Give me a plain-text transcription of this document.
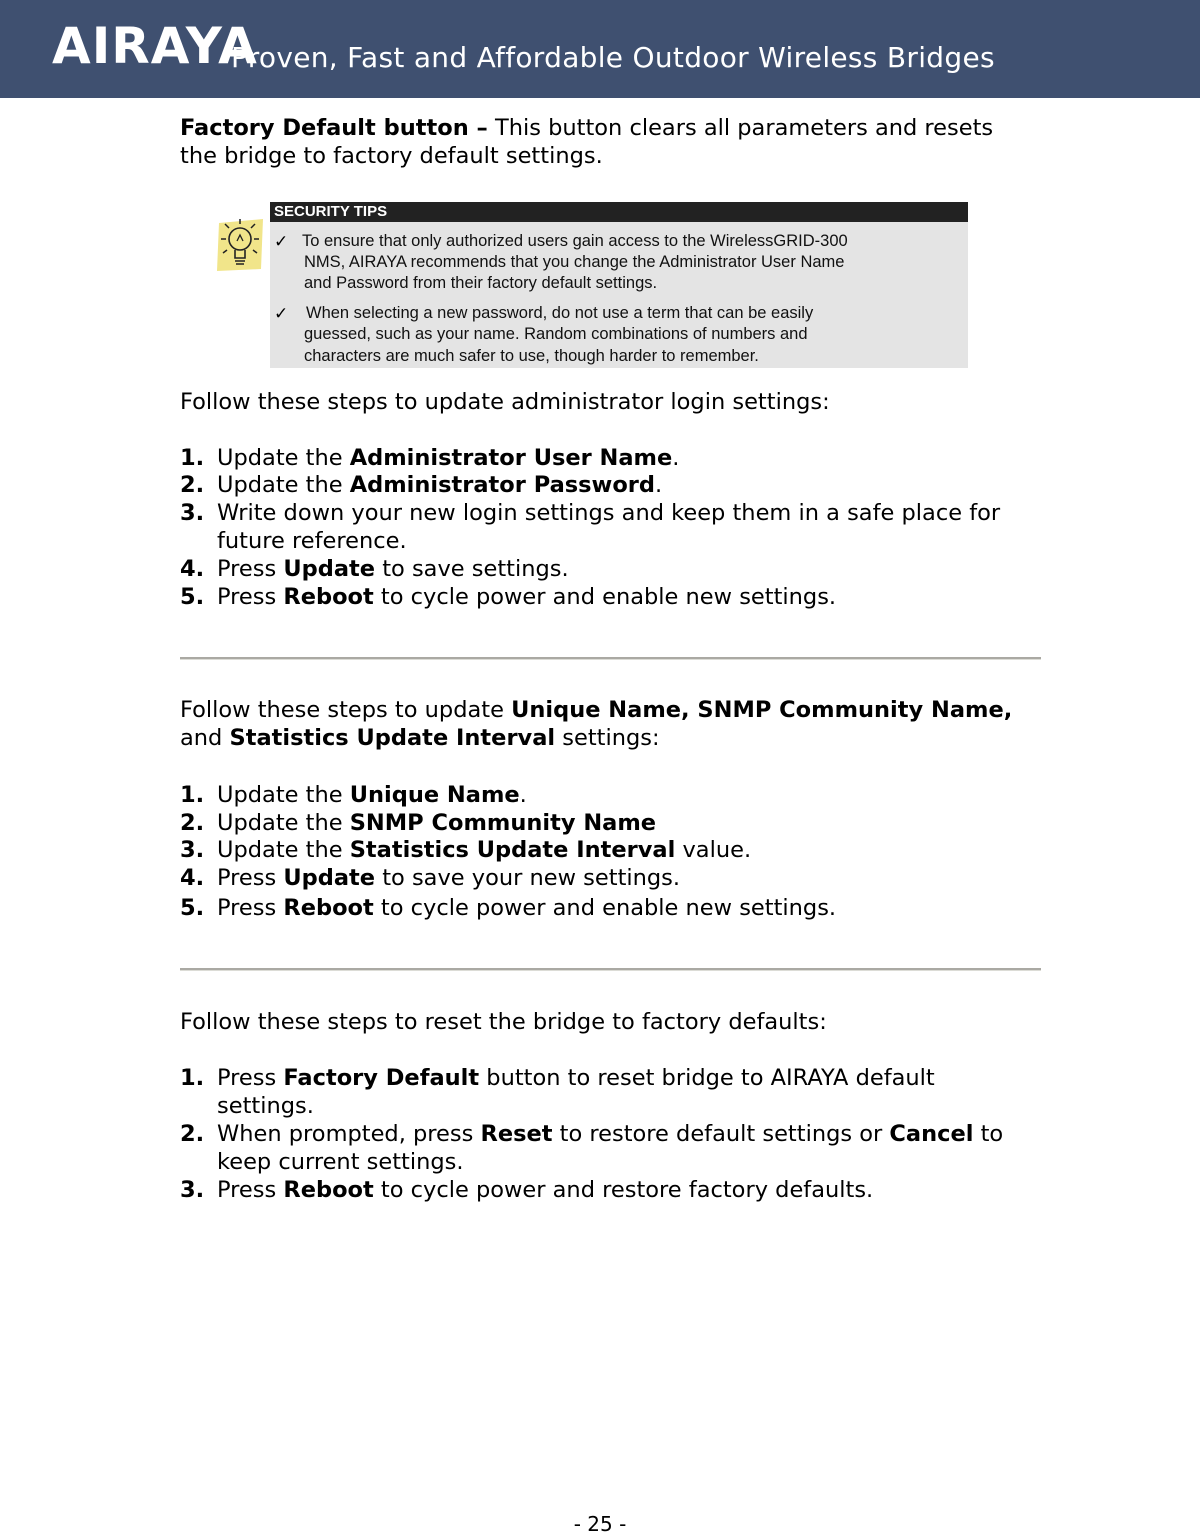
AIRAYA
Proven, Fast and Affordable Outdoor Wireless Bridges
Factory Default button – This button clears all parameters and resets
the bridge to factory default settings.
SECURITY TIPS
✓ To ensure that only authorized users gain access to the WirelessGRID-300
NMS, AIRAYA recommends that you change the Administrator User Name
and Password from their factory default settings.
✓ When selecting a new password, do not use a term that can be easily
guessed, such as your name. Random combinations of numbers and
characters are much safer to use, though harder to remember.
Follow these steps to update administrator login settings:
1. Update the Administrator User Name.
2. Update the Administrator Password.
3. Write down your new login settings and keep them in a safe place for
future reference.
4. Press Update to save settings.
5. Press Reboot to cycle power and enable new settings.
Follow these steps to update Unique Name, SNMP Community Name,
and Statistics Update Interval settings:
1. Update the Unique Name.
2. Update the SNMP Community Name
3. Update the Statistics Update Interval value.
4. Press Update to save your new settings.
5. Press Reboot to cycle power and enable new settings.
Follow these steps to reset the bridge to factory defaults:
1. Press Factory Default button to reset bridge to AIRAYA default
settings.
2. When prompted, press Reset to restore default settings or Cancel to
keep current settings.
3. Press Reboot to cycle power and restore factory defaults.
- 25 -
